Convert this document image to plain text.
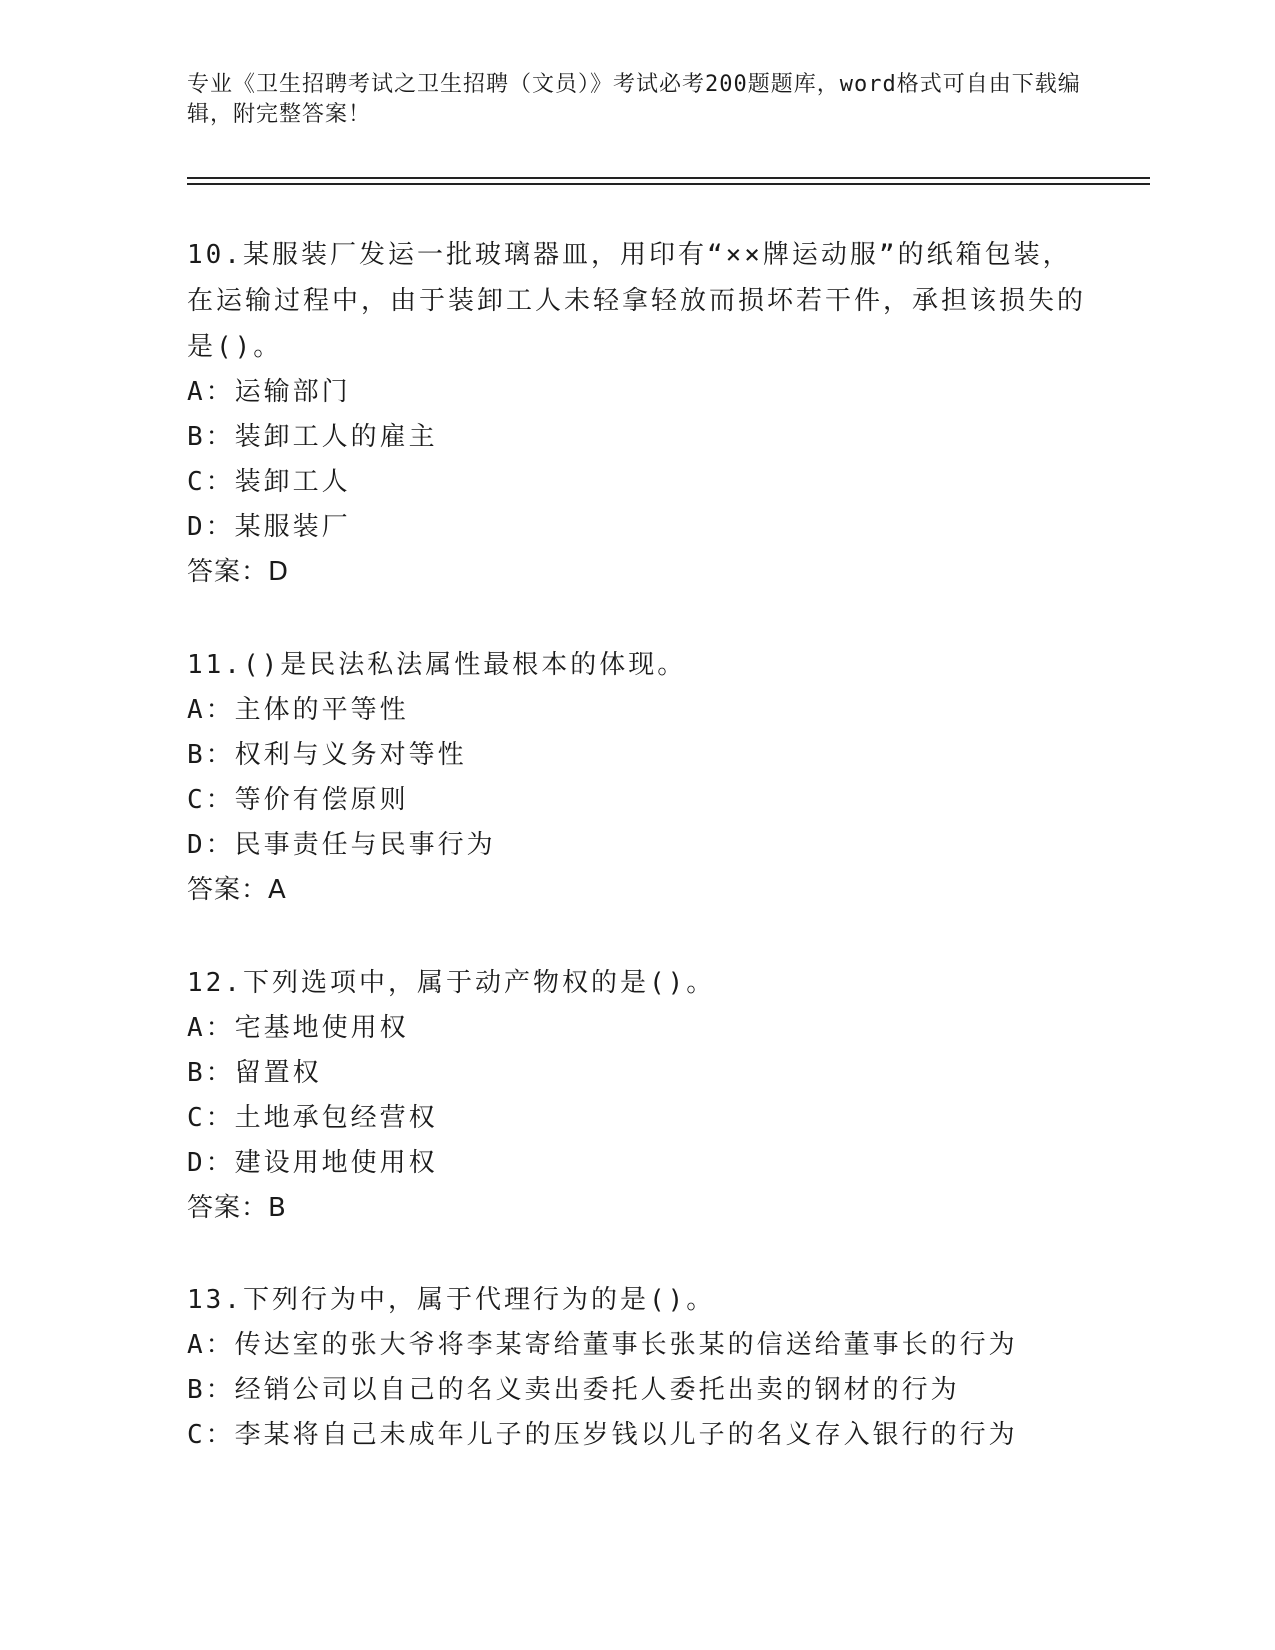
专业《卫生招聘考试之卫生招聘（文员）》考试必考200题题库，word格式可自由下载编辑，附完整答案！
10.某服装厂发运一批玻璃器皿，用印有“××牌运动服”的纸箱包装，在运输过程中，由于装卸工人未轻拿轻放而损坏若干件，承担该损失的是()。
A：运输部门
B：装卸工人的雇主
C：装卸工人
D：某服装厂
答案：D
11.()是民法私法属性最根本的体现。
A：主体的平等性
B：权利与义务对等性
C：等价有偿原则
D：民事责任与民事行为
答案：A
12.下列选项中，属于动产物权的是()。
A：宅基地使用权
B：留置权
C：土地承包经营权
D：建设用地使用权
答案：B
13.下列行为中，属于代理行为的是()。
A：传达室的张大爷将李某寄给董事长张某的信送给董事长的行为
B：经销公司以自己的名义卖出委托人委托出卖的钢材的行为
C：李某将自己未成年儿子的压岁钱以儿子的名义存入银行的行为
